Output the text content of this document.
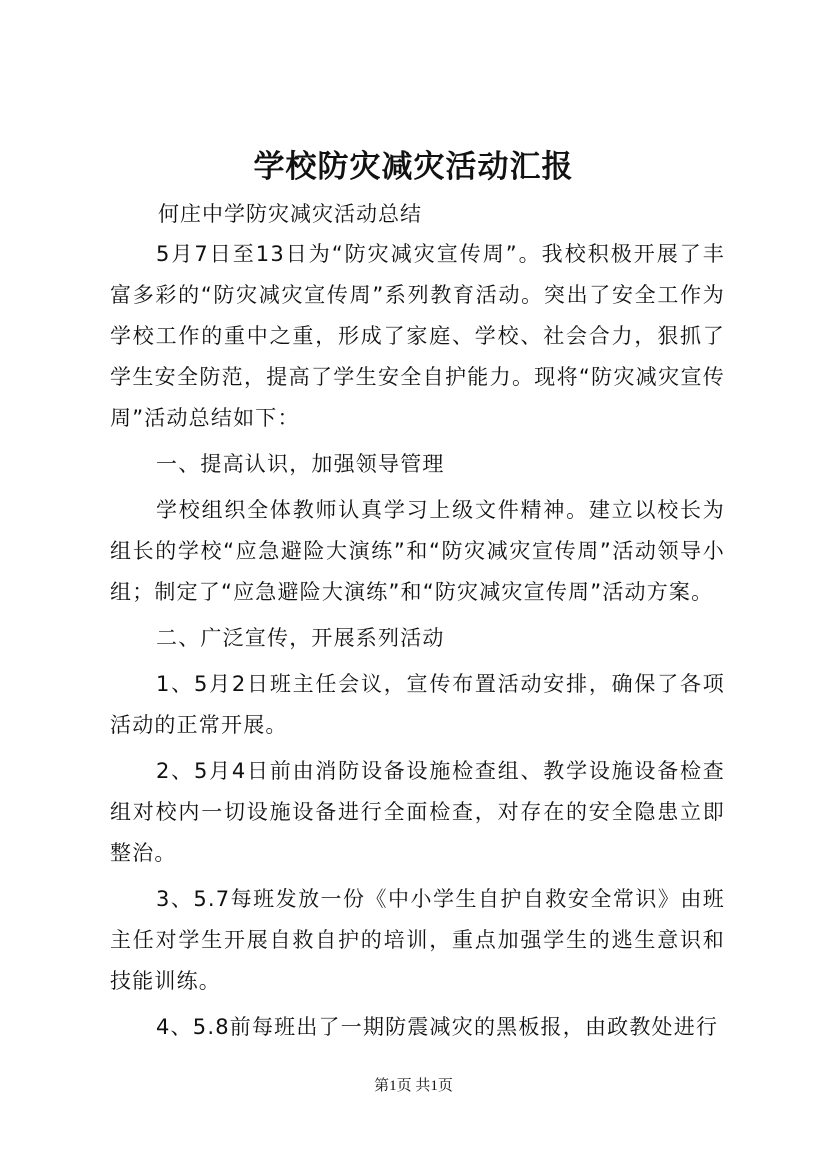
学校防灾减灾活动汇报
何庄中学防灾减灾活动总结

5月7日至13日为“防灾减灾宣传周”。我校积极开展了丰富多彩的“防灾减灾宣传周”系列教育活动。突出了安全工作为学校工作的重中之重，形成了家庭、学校、社会合力，狠抓了学生安全防范，提高了学生安全自护能力。现将“防灾减灾宣传周”活动总结如下：

一、提高认识，加强领导管理

学校组织全体教师认真学习上级文件精神。建立以校长为组长的学校“应急避险大演练”和“防灾减灾宣传周”活动领导小组；制定了“应急避险大演练”和“防灾减灾宣传周”活动方案。

二、广泛宣传，开展系列活动

1、5月2日班主任会议，宣传布置活动安排，确保了各项活动的正常开展。

2、5月4日前由消防设备设施检查组、教学设施设备检查组对校内一切设施设备进行全面检查，对存在的安全隐患立即整治。

3、5.7每班发放一份《中小学生自护自救安全常识》由班主任对学生开展自救自护的培训，重点加强学生的逃生意识和技能训练。

4、5.8前每班出了一期防震减灾的黑板报，由政教处进行

第1页 共1页
